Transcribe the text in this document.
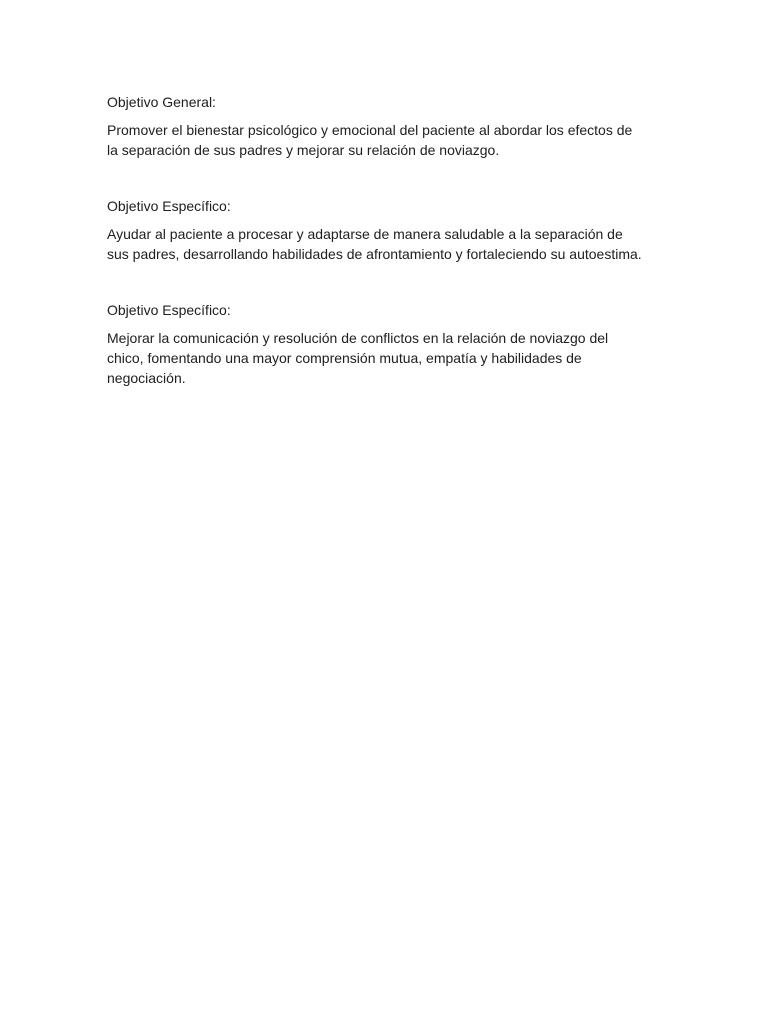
Objetivo General:

Promover el bienestar psicológico y emocional del paciente al abordar los efectos de la separación de sus padres y mejorar su relación de noviazgo.

Objetivo Específico:

Ayudar al paciente a procesar y adaptarse de manera saludable a la separación de sus padres, desarrollando habilidades de afrontamiento y fortaleciendo su autoestima.

Objetivo Específico:

Mejorar la comunicación y resolución de conflictos en la relación de noviazgo del chico, fomentando una mayor comprensión mutua, empatía y habilidades de negociación.
